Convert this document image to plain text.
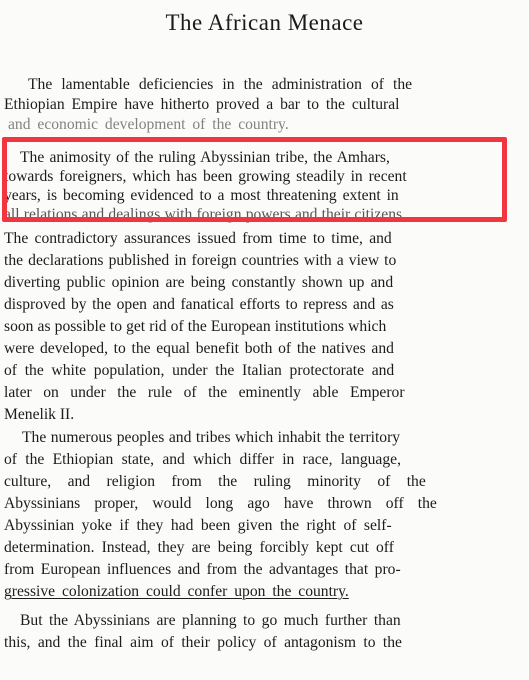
The African Menace
The lamentable deficiencies in the administration of the
Ethiopian Empire have hitherto proved a bar to the cultural
and economic development of the country.
The animosity of the ruling Abyssinian tribe, the Amhars,
towards foreigners, which has been growing steadily in recent
years, is becoming evidenced to a most threatening extent in
all relations and dealings with foreign powers and their citizens.
The contradictory assurances issued from time to time, and
the declarations published in foreign countries with a view to
diverting public opinion are being constantly shown up and
disproved by the open and fanatical efforts to repress and as
soon as possible to get rid of the European institutions which
were developed, to the equal benefit both of the natives and
of the white population, under the Italian protectorate and
later on under the rule of the eminently able Emperor
Menelik II.
The numerous peoples and tribes which inhabit the territory
of the Ethiopian state, and which differ in race, language,
culture, and religion from the ruling minority of the
Abyssinians proper, would long ago have thrown off the
Abyssinian yoke if they had been given the right of self-
determination. Instead, they are being forcibly kept cut off
from European influences and from the advantages that pro-
gressive colonization could confer upon the country.
But the Abyssinians are planning to go much further than
this, and the final aim of their policy of antagonism to the
